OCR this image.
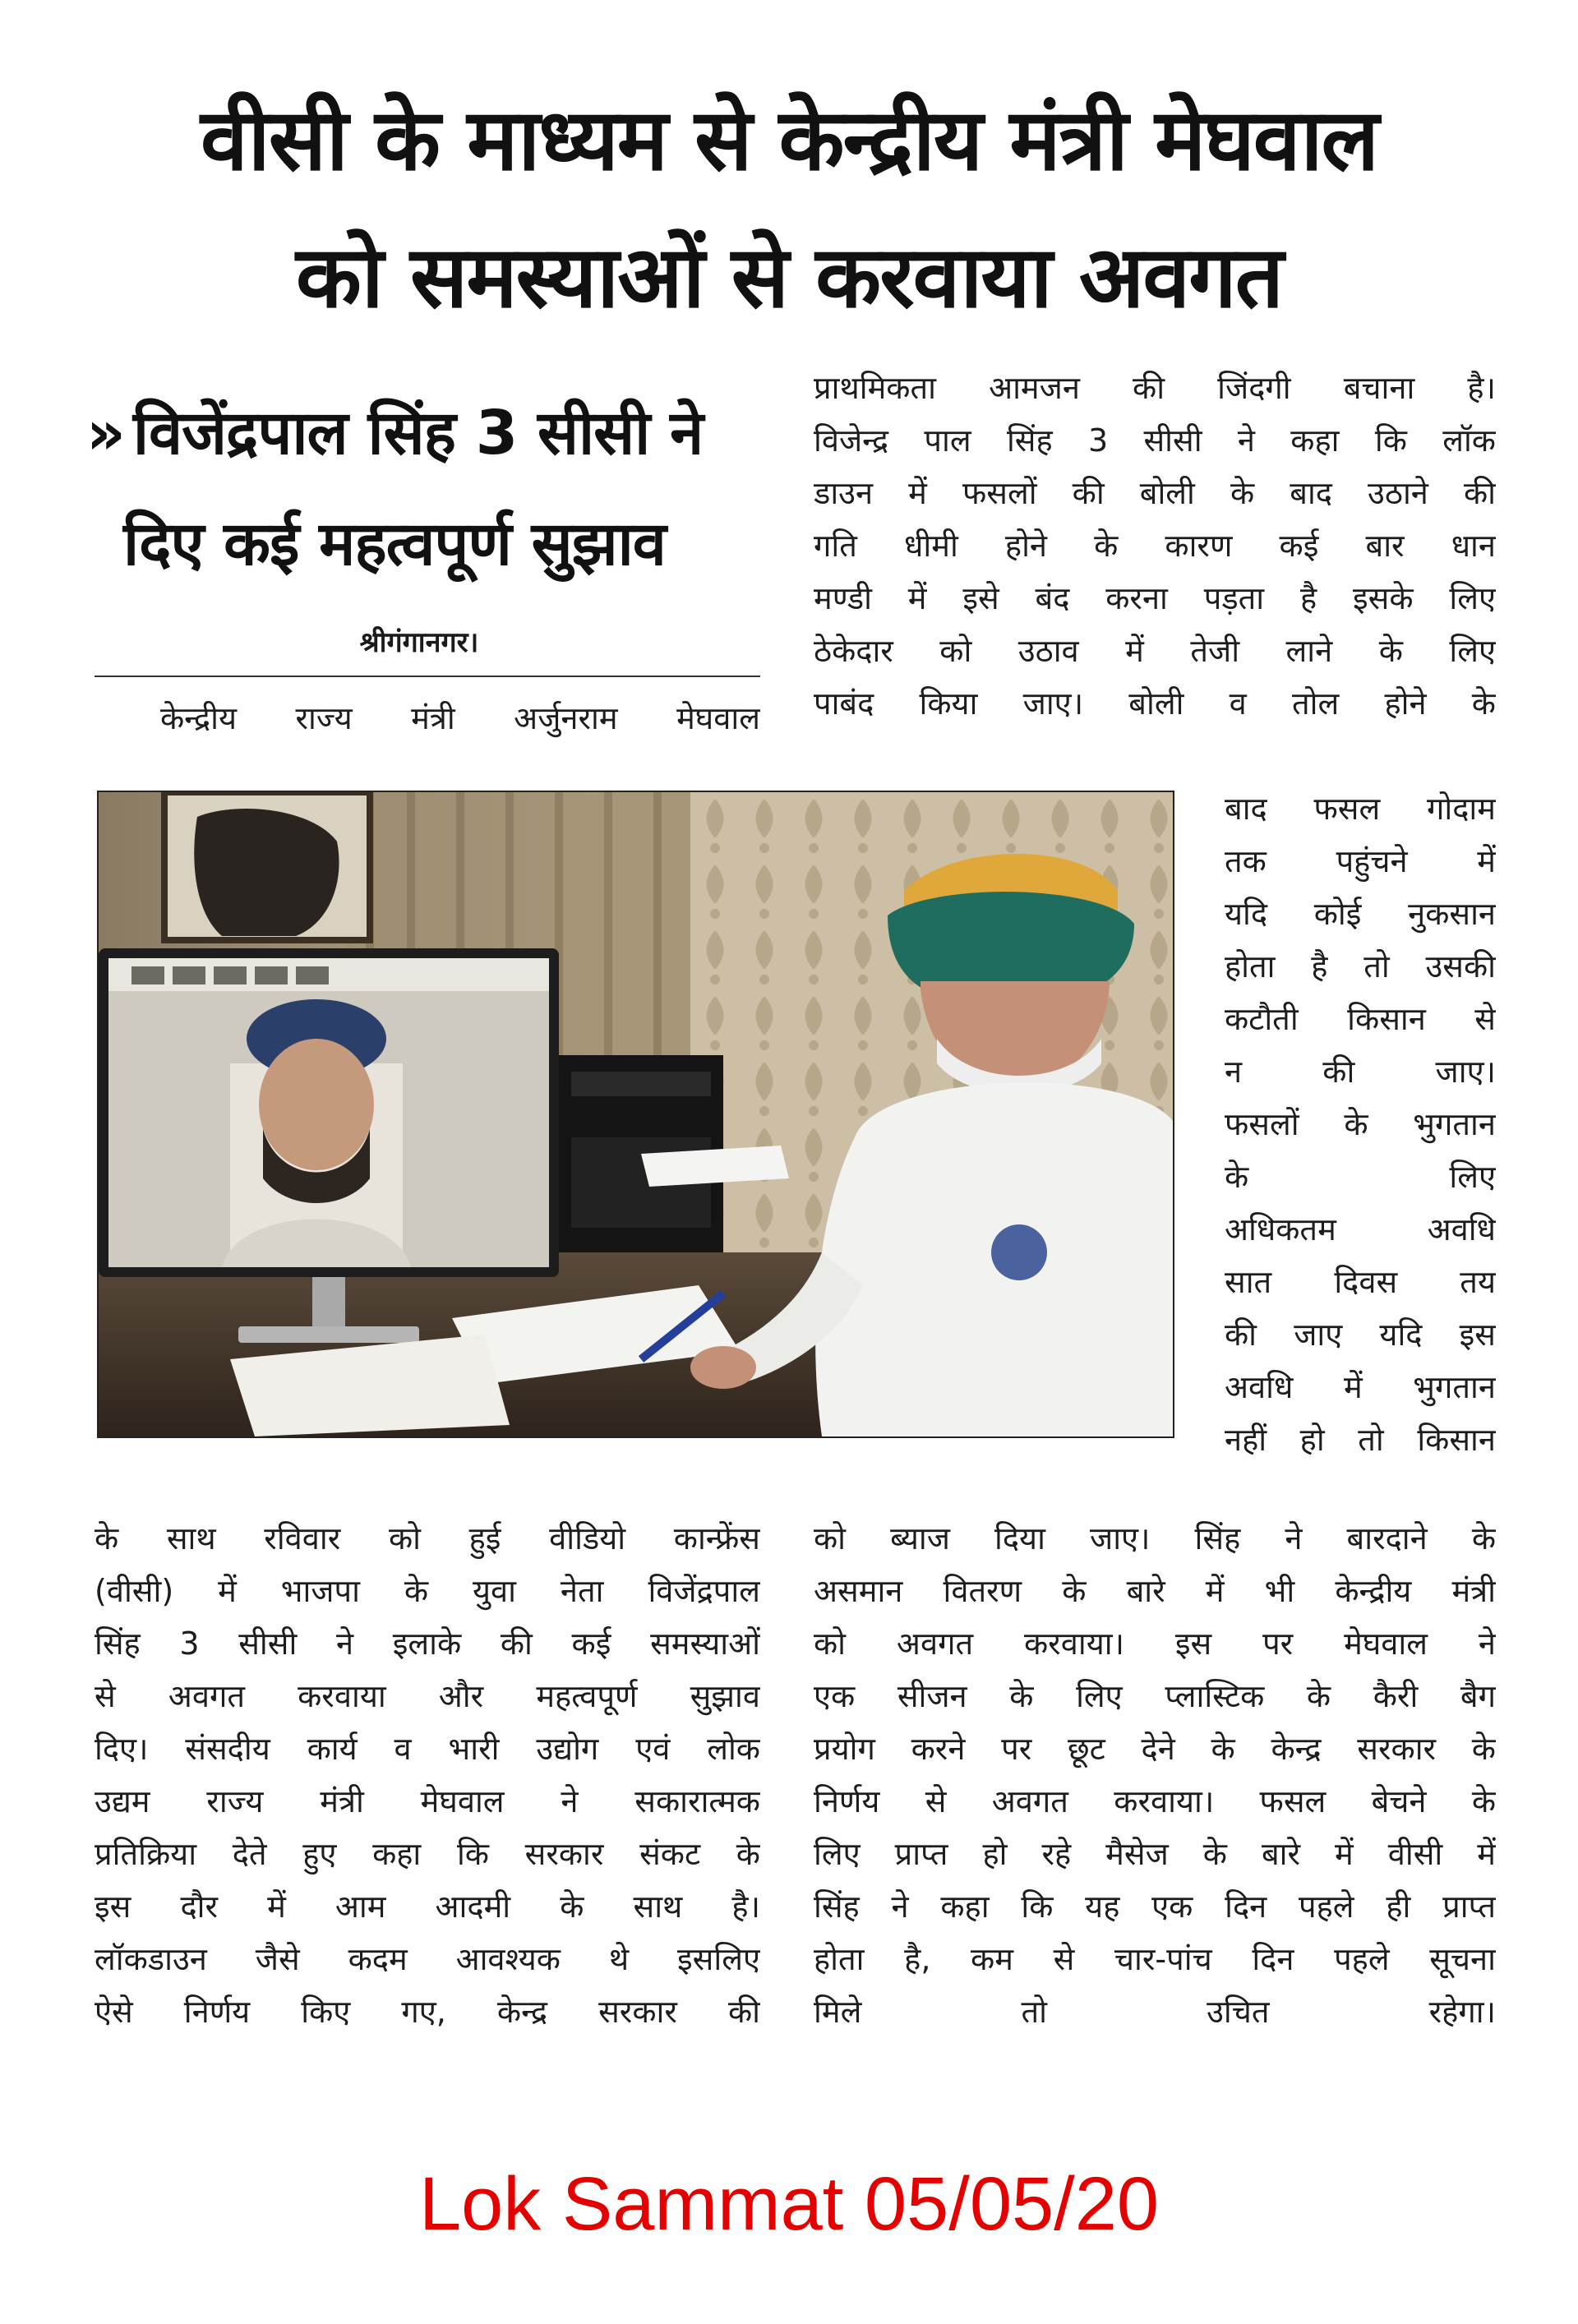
वीसी के माध्यम से केन्द्रीय मंत्री मेघवाल
को समस्याओं से करवाया अवगत
» विजेंद्रपाल सिंह 3 सीसी ने
दिए कई महत्वपूर्ण सुझाव
श्रीगंगानगर।
केन्द्रीय राज्य मंत्री अर्जुनराम मेघवाल
प्राथमिकता आमजन की जिंदगी बचाना है।
विजेन्द्र पाल सिंह 3 सीसी ने कहा कि लॉक
डाउन में फसलों की बोली के बाद उठाने की
गति धीमी होने के कारण कई बार धान
मण्डी में इसे बंद करना पड़ता है इसके लिए
ठेकेदार को उठाव में तेजी लाने के लिए
पाबंद किया जाए। बोली व तोल होने के
बाद फसल गोदाम
तक पहुंचने में
यदि कोई नुकसान
होता है तो उसकी
कटौती किसान से
न की जाए।
फसलों के भुगतान
के लिए
अधिकतम अवधि
सात दिवस तय
की जाए यदि इस
अवधि में भुगतान
नहीं हो तो किसान
के साथ रविवार को हुई वीडियो कान्फ्रेंस
(वीसी) में भाजपा के युवा नेता विजेंद्रपाल
सिंह 3 सीसी ने इलाके की कई समस्याओं
से अवगत करवाया और महत्वपूर्ण सुझाव
दिए। संसदीय कार्य व भारी उद्योग एवं लोक
उद्यम राज्य मंत्री मेघवाल ने सकारात्मक
प्रतिक्रिया देते हुए कहा कि सरकार संकट के
इस दौर में आम आदमी के साथ है।
लॉकडाउन जैसे कदम आवश्यक थे इसलिए
ऐसे निर्णय किए गए, केन्द्र सरकार की
को ब्याज दिया जाए। सिंह ने बारदाने के
असमान वितरण के बारे में भी केन्द्रीय मंत्री
को अवगत करवाया। इस पर मेघवाल ने
एक सीजन के लिए प्लास्टिक के कैरी बैग
प्रयोग करने पर छूट देने के केन्द्र सरकार के
निर्णय से अवगत करवाया। फसल बेचने के
लिए प्राप्त हो रहे मैसेज के बारे में वीसी में
सिंह ने कहा कि यह एक दिन पहले ही प्राप्त
होता है, कम से चार-पांच दिन पहले सूचना
मिले तो उचित रहेगा।
Lok Sammat 05/05/20
